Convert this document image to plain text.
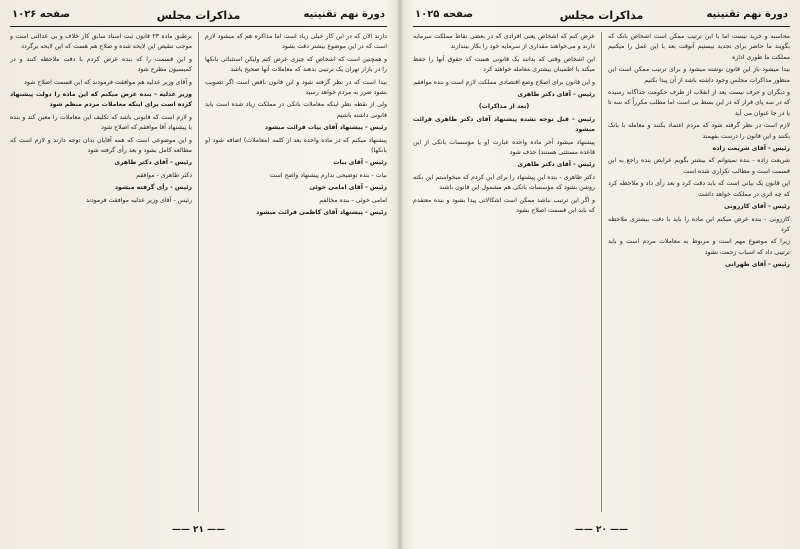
دورة نهم تقنینیه
مذاکرات مجلس
صفحه ۱۰۲۶

دارند الان که در این کار خیلی زیاد است اما مذاکره هم که میشود لازم است که در این موضوع بیشتر دقت بشود

و همچنین است که اشخاص که چیزی عرض کنم ولیکن استثنائی بانکها را در بازار تهران یک ترتیبی بدهند که معاملات آنها صحیح باشد

بیدا است که در نظر گرفته شود و این قانون ناقص است اگر تصویب بشود ضرر به مردم خواهد رسید

ولی از نقطه نظر اینکه معاملات بانکی در مملکت زیاد شده است باید قانونی داشته باشیم

رئیس - پیشنهاد آقای بیات قرائت میشود

پیشنهاد میکنم که در ماده واحده بعد از کلمه (معاملات) اضافه شود (و بانکها)

رئیس - آقای بیات

بیات - بنده توضیحی ندارم پیشنهاد واضح است

رئیس - آقای امامی خوئی

امامی خوئی - بنده مخالفم

رئیس - پیشنهاد آقای کاظمی قرائت میشود

برطبق ماده ۲۳ قانون ثبت اسناد سابق کار خلاف و بی عدالتی است و موجب تنقیص این لایحه شده و صلاح هم هست که این لایحه برگردد

و این قسمت را که بنده عرض کردم با دقت ملاحظه کنند و در کمیسیون مطرح شود

و آقای وزیر عدلیه هم موافقت فرمودند که این قسمت اصلاح شود

وزیر عدلیه - بنده عرض میکنم که این ماده را دولت پیشنهاد کرده است برای اینکه معاملات مردم منظم شود

و لازم است که قانونی باشد که تکلیف این معاملات را معین کند و بنده با پیشنهاد آقا موافقم که اصلاح شود

و این موضوعی است که همه آقایان بدان توجه دارند و لازم است که مطالعه کامل بشود و بعد رأی گرفته شود

رئیس - آقای دکتر طاهری

دکتر طاهری - موافقم

رئیس - رأی گرفته میشود

رئیس - آقای وزیر عدلیه موافقت فرمودند

—— ۲۱ ——
دورة نهم تقنينیه
مذاکرات مجلس
صفحه ۱۰۲۵

محاسبه و خرید نیست اما با این ترتیب ممکن است اشخاص بانک که بگویند ما حاضر برای تجدید نیستیم آنوقت بعد با این عمل را میکنیم مملکت ما طوری اداره

بیدا میشود باز این قانون نوشته میشود و برای ترتیب ممکن است این منظور مذاکرات مجلس وجود داشته باشد از آن پیدا بکنیم

و دیگران و حرف نیست بعد از انقلاب از طرف حکومت جداگانه رسیده که در سه پای قرار که در این بسط بی است اما مطلب مکرراً که سه تا یا در جا عنوان می آید

لازم است در نظر گرفته شود که مردم اعتماد بکنند و معامله با بانک بکنند و این قانون را درست بفهمند

رئیس - آقای شریعت زاده

شریعت زاده - بنده نمیتوانم که بیشتر بگویم عرایض بنده راجع به این قسمت است و مطالب تکراری شده است

این قانون یک بیانی است که باید دقت کرد و بعد رأی داد و ملاحظه کرد که چه اثری در مملکت خواهد داشت

رئیس - آقای کازرونی

کازرونی - بنده عرض میکنم این ماده را باید با دقت بیشتری ملاحظه کرد

زیرا که موضوع مهم است و مربوط به معاملات مردم است و باید ترتیبی داد که اسباب زحمت نشود

رئیس - آقای طهرانی

عرض کنم که اشخاص یعنی افرادی که در بعضی نقاط مملکت سرمایه دارند و می‌خواهند مقداری از سرمایه خود را بکار بیندازند

این اشخاص وقتی که بدانند یک قانونی هست که حقوق آنها را حفظ میکند با اطمینان بیشتری معامله خواهند کرد

و این قانون برای اصلاح وضع اقتصادی مملکت لازم است و بنده موافقم

رئیس - آقای دکتر طاهری

(بعد از مذاکرات)

رئیس - قبل توجه نشده پیشنهاد آقای دکتر طاهری قرائت میشود

پیشنهاد میشود آخر ماده واحده عبارت (و یا مؤسسات بانکی از این قاعده مستثنی هستند) حذف شود

رئیس - آقای دکتر طاهری

دکتر طاهری - بنده این پیشنهاد را برای این کردم که میخواستم این نکته روشن بشود که مؤسسات بانکی هم مشمول این قانون باشند

و اگر این ترتیب نباشد ممکن است اشکالاتی پیدا بشود و بنده معتقدم که باید این قسمت اصلاح بشود

—— ۲۰ ——
